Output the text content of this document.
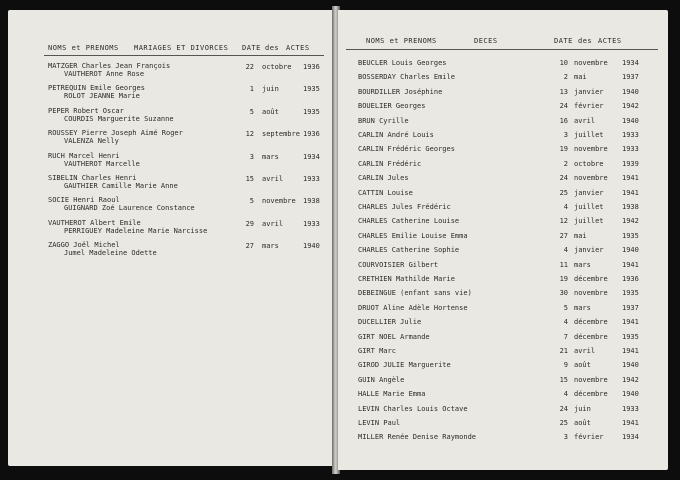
NOMS et PRENOMS MARIAGES ET DIVORCES DATE des ACTES
MATZGER Charles Jean François
VAUTHEROT Anne Rose
22 octobre 1936
PETREQUIN Emile Georges
ROLOT JEANNE Marie
1 juin	1935
PEPER Robert Oscar
COURDIS Marguerite Suzanne
5 août	1935
ROUSSEY Pierre Joseph Aimé Roger
VALENZA Nelly
12 septembre 1936
RUCH Marcel Henri
VAUTHEROT Marcelle
3 mars	1934
SIBELIN Charles Henri
GAUTHIER Camille Marie Anne
15 avril	1933
SOCIE Henri Raoul
GUIGNARD Zoé Laurence Constance
5 novembre 1938
VAUTHEROT Albert Emile
PERRIGUEY Madeleine Marie Narcisse
29 avril	1933
ZAGGO Joël Michel
Jumel Madeleine Odette
27 mars	1940
NOMS et PRENOMS	DECES	DATE des ACTES
BEUCLER Louis Georges	10 novembre 1934
BOSSERDAY Charles Emile	2 mai	1937
BOURDILLER Joséphine	13 janvier	1940
BOUELIER Georges	24 février	1942
BRUN Cyrille	16 avril	1940
CARLIN André Louis	3 juillet	1933
CARLIN Frédéric Georges	19 novembre 1933
CARLIN Frédéric	2 octobre	1939
CARLIN Jules	24 novembre 1941
CATTIN Louise	25 janvier	1941
CHARLES Jules Frédéric	4 juillet	1938
CHARLES Catherine Louise	12 juillet	1942
CHARLES Emilie Louise Emma	27 mai	1935
CHARLES Catherine Sophie	4 janvier	1940
COURVOISIER Gilbert	11 mars	1941
CRETHIEN Mathilde Marie	19 décembre 1936
DEBEINGUE (enfant sans vie)	30 novembre 1935
DRUOT Aline Adèle Hortense	5 mars	1937
DUCELLIER Julie	4 décembre 1941
GIRT NOEL Armande	7 décembre 1935
GIRT Marc	21 avril	1941
GIROD JULIE Marguerite	9 août	1940
GUIN Angèle	15 novembre 1942
HALLE Marie Emma	4 décembre 1940
LEVIN Charles Louis Octave	24 juin	1933
LEVIN Paul	25 août	1941
MILLER Renée Denise Raymonde	3 février	1934
